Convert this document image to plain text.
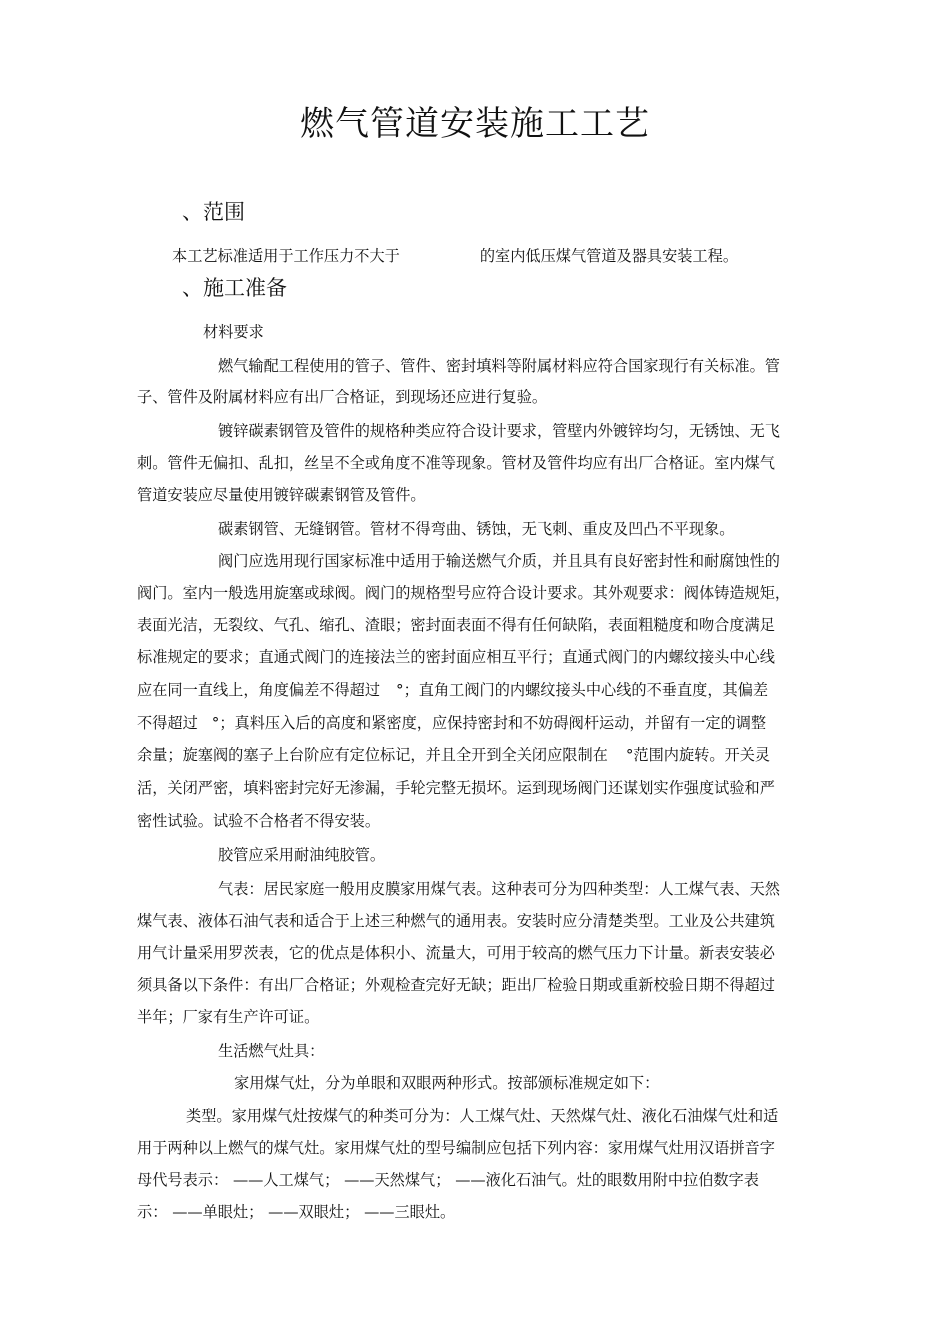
燃气管道安装施工工艺
、范围
本工艺标准适用于工作压力不大于	的室内低压煤气管道及器具安装工程。
、施工准备
材料要求
燃气输配工程使用的管子、管件、密封填料等附属材料应符合国家现行有关标准。管
子、管件及附属材料应有出厂合格证，到现场还应进行复验。
镀锌碳素钢管及管件的规格种类应符合设计要求，管壁内外镀锌均匀，无锈蚀、无飞
刺。管件无偏扣、乱扣，丝呈不全或角度不准等现象。管材及管件均应有出厂合格证。室内煤气
管道安装应尽量使用镀锌碳素钢管及管件。
碳素钢管、无缝钢管。管材不得弯曲、锈蚀，无飞刺、重皮及凹凸不平现象。
阀门应选用现行国家标准中适用于输送燃气介质，并且具有良好密封性和耐腐蚀性的
阀门。室内一般选用旋塞或球阀。阀门的规格型号应符合设计要求。其外观要求：阀体铸造规矩，
表面光洁，无裂纹、气孔、缩孔、渣眼；密封面表面不得有任何缺陷，表面粗糙度和吻合度满足
标准规定的要求；直通式阀门的连接法兰的密封面应相互平行；直通式阀门的内螺纹接头中心线
应在同一直线上，角度偏差不得超过 °；直角工阀门的内螺纹接头中心线的不垂直度，其偏差
不得超过 °；真料压入后的高度和紧密度，应保持密封和不妨碍阀杆运动，并留有一定的调整
余量；旋塞阀的塞子上台阶应有定位标记，并且全开到全关闭应限制在 °范围内旋转。开关灵
活，关闭严密，填料密封完好无渗漏，手轮完整无损坏。运到现场阀门还谋划实作强度试验和严
密性试验。试验不合格者不得安装。
胶管应采用耐油纯胶管。
气表：居民家庭一般用皮膜家用煤气表。这种表可分为四种类型：人工煤气表、天然
煤气表、液体石油气表和适合于上述三种燃气的通用表。安装时应分清楚类型。工业及公共建筑
用气计量采用罗茨表，它的优点是体积小、流量大，可用于较高的燃气压力下计量。新表安装必
须具备以下条件：有出厂合格证；外观检查完好无缺；距出厂检验日期或重新校验日期不得超过
半年；厂家有生产许可证。
生活燃气灶具：
家用煤气灶，分为单眼和双眼两种形式。按部颁标准规定如下：
类型。家用煤气灶按煤气的种类可分为：人工煤气灶、天然煤气灶、液化石油煤气灶和适
用于两种以上燃气的煤气灶。家用煤气灶的型号编制应包括下列内容：家用煤气灶用汉语拼音字
母代号表示： ——人工煤气； ——天然煤气； ——液化石油气。灶的眼数用附中拉伯数字表
示： ——单眼灶； ——双眼灶； ——三眼灶。
